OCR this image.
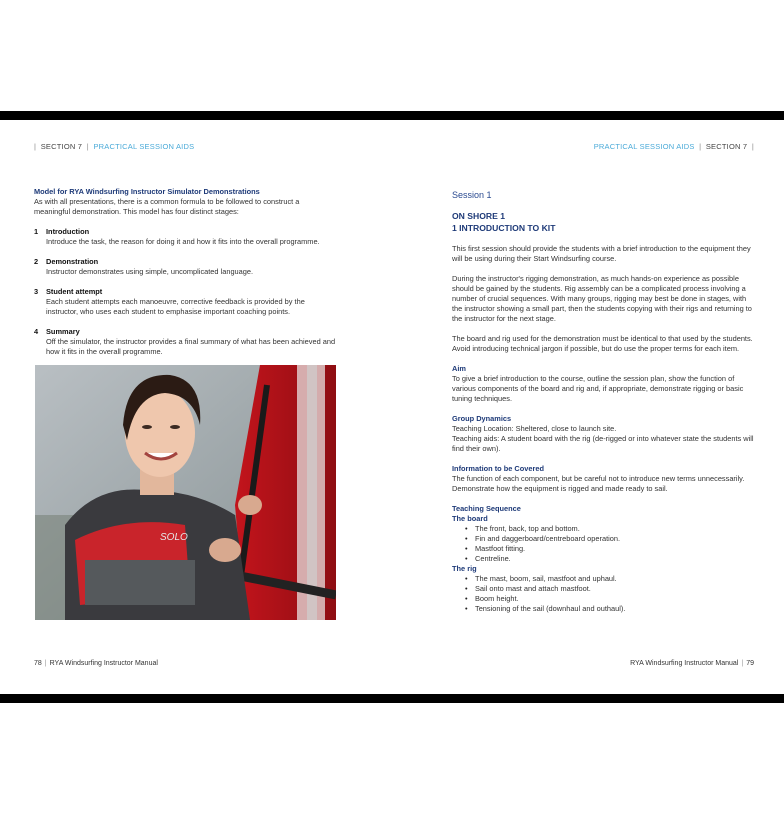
| SECTION 7 | PRACTICAL SESSION AIDS

Model for RYA Windsurfing Instructor Simulator Demonstrations

As with all presentations, there is a common formula to be followed to construct a meaningful demonstration. This model has four distinct stages:

1	Introduction
Introduce the task, the reason for doing it and how it fits into the overall programme.
2	Demonstration
Instructor demonstrates using simple, uncomplicated language.
3	Student attempt
Each student attempts each manoeuvre, corrective feedback is provided by the instructor, who uses each student to emphasise important coaching points.
4	Summary
Off the simulator, the instructor provides a final summary of what has been achieved and how it fits in the overall programme.
SOLO
78 | RYA Windsurfing Instructor Manual
PRACTICAL SESSION AIDS | SECTION 7 |
Session 1
ON SHORE 1
1 INTRODUCTION TO KIT

This first session should provide the students with a brief introduction to the equipment they will be using during their Start Windsurfing course.

During the instructor's rigging demonstration, as much hands-on experience as possible should be gained by the students. Rig assembly can be a complicated process involving a number of crucial sequences. With many groups, rigging may best be done in stages, with the instructor showing a small part, then the students copying with their rigs and returning to the instructor for the next stage.

The board and rig used for the demonstration must be identical to that used by the students. Avoid introducing technical jargon if possible, but do use the proper terms for each item.

Aim

To give a brief introduction to the course, outline the session plan, show the function of various components of the board and rig and, if appropriate, demonstrate rigging or basic tuning techniques.

Group Dynamics

Teaching Location: Sheltered, close to launch site.

Teaching aids: A student board with the rig (de-rigged or into whatever state the students will find their own).

Information to be Covered

The function of each component, but be careful not to introduce new terms unnecessarily. Demonstrate how the equipment is rigged and made ready to sail.

Teaching Sequence

The board

• The front, back, top and bottom.
• Fin and daggerboard/centreboard operation.
• Mastfoot fitting.
• Centreline.

The rig

• The mast, boom, sail, mastfoot and uphaul.
• Sail onto mast and attach mastfoot.
• Boom height.
• Tensioning of the sail (downhaul and outhaul).
RYA Windsurfing Instructor Manual | 79
